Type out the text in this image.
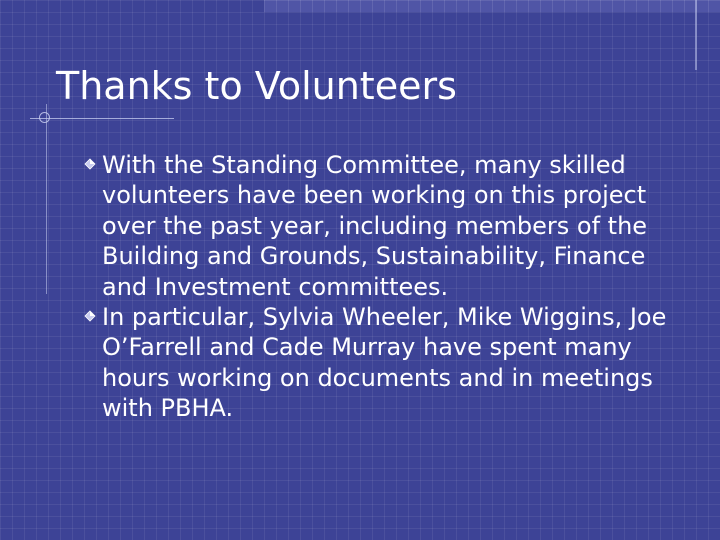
Thanks to Volunteers
With the Standing Committee, many skilled volunteers have been working on this project over the past year, including members of the Building and Grounds, Sustainability, Finance and Investment committees.
In particular, Sylvia Wheeler, Mike Wiggins, Joe O’Farrell and Cade Murray have spent many hours working on documents and in meetings with PBHA.
